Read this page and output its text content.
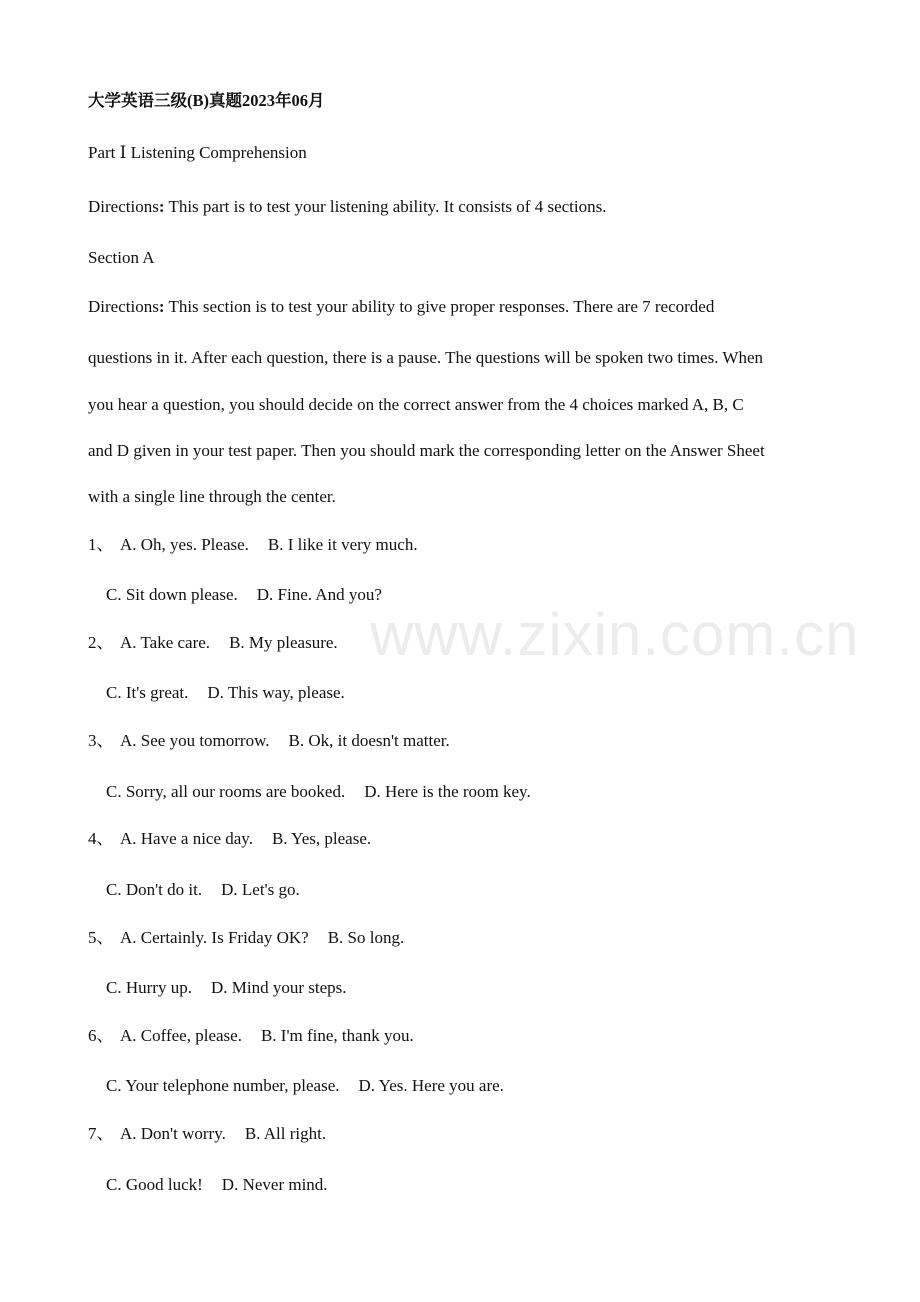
www.zixin.com.cn
大学英语三级(B)真题2023年06月
Part Ⅰ Listening Comprehension
Directions: This part is to test your listening ability. It consists of 4 sections.
Section A
Directions: This section is to test your ability to give proper responses. There are 7 recorded
questions in it. After each question, there is a pause. The questions will be spoken two times. When
you hear a question, you should decide on the correct answer from the 4 choices marked A, B, C
and D given in your test paper. Then you should mark the corresponding letter on the Answer Sheet
with a single line through the center.
1、 A. Oh, yes. Please. B. I like it very much.
C. Sit down please. D. Fine. And you?
2、 A. Take care. B. My pleasure.
C. It's great. D. This way, please.
3、 A. See you tomorrow. B. Ok, it doesn't matter.
C. Sorry, all our rooms are booked. D. Here is the room key.
4、 A. Have a nice day. B. Yes, please.
C. Don't do it. D. Let's go.
5、 A. Certainly. Is Friday OK? B. So long.
C. Hurry up. D. Mind your steps.
6、 A. Coffee, please. B. I'm fine, thank you.
C. Your telephone number, please. D. Yes. Here you are.
7、 A. Don't worry. B. All right.
C. Good luck! D. Never mind.
